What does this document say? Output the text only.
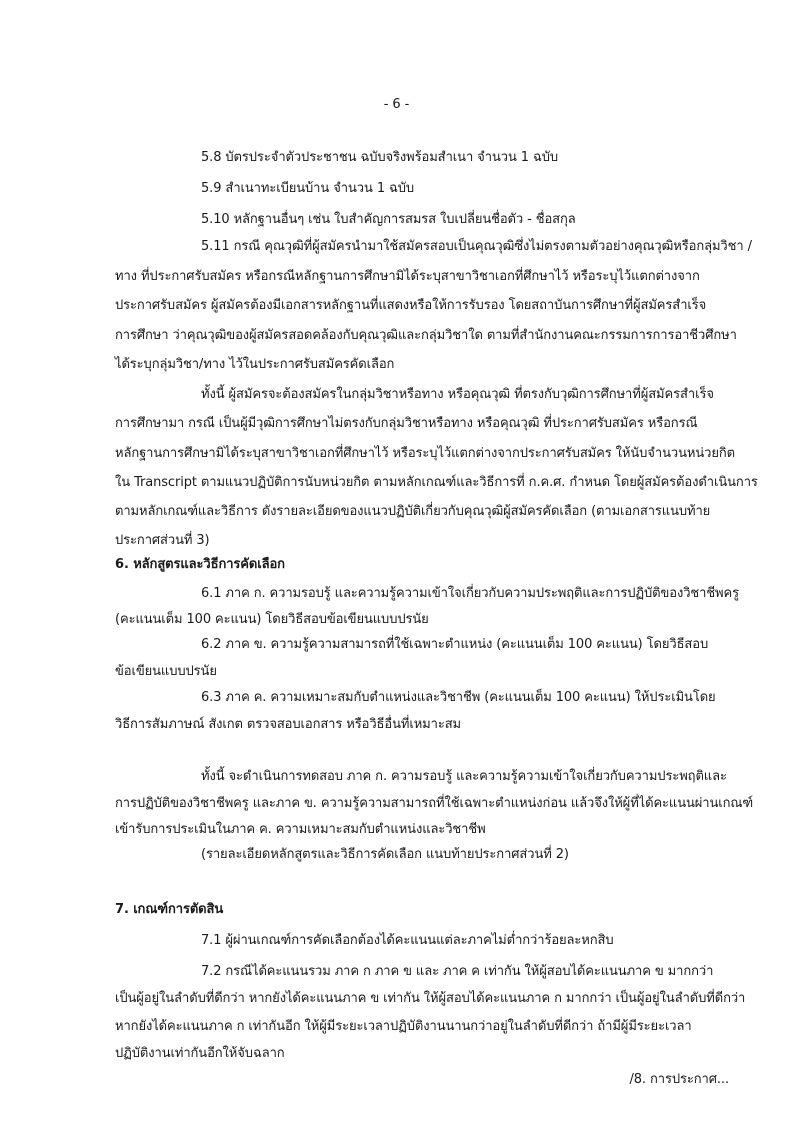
- 6 -
5.8 บัตรประจำตัวประชาชน ฉบับจริงพร้อมสำเนา จำนวน 1 ฉบับ
5.9 สำเนาทะเบียนบ้าน จำนวน 1 ฉบับ
5.10 หลักฐานอื่นๆ เช่น ใบสำคัญการสมรส ใบเปลี่ยนชื่อตัว - ชื่อสกุล
5.11 กรณี คุณวุฒิที่ผู้สมัครนำมาใช้สมัครสอบเป็นคุณวุฒิซึ่งไม่ตรงตามตัวอย่างคุณวุฒิหรือกลุ่มวิชา /
ทาง ที่ประกาศรับสมัคร หรือกรณีหลักฐานการศึกษามิได้ระบุสาขาวิชาเอกที่ศึกษาไว้ หรือระบุไว้แตกต่างจาก
ประกาศรับสมัคร ผู้สมัครต้องมีเอกสารหลักฐานที่แสดงหรือให้การรับรอง โดยสถาบันการศึกษาที่ผู้สมัครสำเร็จ
การศึกษา ว่าคุณวุฒิของผู้สมัครสอดคล้องกับคุณวุฒิและกลุ่มวิชาใด ตามที่สำนักงานคณะกรรมการการอาชีวศึกษา
ได้ระบุกลุ่มวิชา/ทาง ไว้ในประกาศรับสมัครคัดเลือก
ทั้งนี้ ผู้สมัครจะต้องสมัครในกลุ่มวิชาหรือทาง หรือคุณวุฒิ ที่ตรงกับวุฒิการศึกษาที่ผู้สมัครสำเร็จ
การศึกษามา กรณี เป็นผู้มีวุฒิการศึกษาไม่ตรงกับกลุ่มวิชาหรือทาง หรือคุณวุฒิ ที่ประกาศรับสมัคร หรือกรณี
หลักฐานการศึกษามิได้ระบุสาขาวิชาเอกที่ศึกษาไว้ หรือระบุไว้แตกต่างจากประกาศรับสมัคร ให้นับจำนวนหน่วยกิต
ใน Transcript ตามแนวปฏิบัติการนับหน่วยกิต ตามหลักเกณฑ์และวิธีการที่ ก.ค.ศ. กำหนด โดยผู้สมัครต้องดำเนินการ
ตามหลักเกณฑ์และวิธีการ ดังรายละเอียดของแนวปฏิบัติเกี่ยวกับคุณวุฒิผู้สมัครคัดเลือก (ตามเอกสารแนบท้าย
ประกาศส่วนที่ 3)
6. หลักสูตรและวิธีการคัดเลือก
6.1 ภาค ก. ความรอบรู้ และความรู้ความเข้าใจเกี่ยวกับความประพฤติและการปฏิบัติของวิชาชีพครู
(คะแนนเต็ม 100 คะแนน) โดยวิธีสอบข้อเขียนแบบปรนัย
6.2 ภาค ข. ความรู้ความสามารถที่ใช้เฉพาะตำแหน่ง (คะแนนเต็ม 100 คะแนน) โดยวิธีสอบ
ข้อเขียนแบบปรนัย
6.3 ภาค ค. ความเหมาะสมกับตำแหน่งและวิชาชีพ (คะแนนเต็ม 100 คะแนน) ให้ประเมินโดย
วิธีการสัมภาษณ์ สังเกต ตรวจสอบเอกสาร หรือวิธีอื่นที่เหมาะสม
ทั้งนี้ จะดำเนินการทดสอบ ภาค ก. ความรอบรู้ และความรู้ความเข้าใจเกี่ยวกับความประพฤติและ
การปฏิบัติของวิชาชีพครู และภาค ข. ความรู้ความสามารถที่ใช้เฉพาะตำแหน่งก่อน แล้วจึงให้ผู้ที่ได้คะแนนผ่านเกณฑ์
เข้ารับการประเมินในภาค ค. ความเหมาะสมกับตำแหน่งและวิชาชีพ
(รายละเอียดหลักสูตรและวิธีการคัดเลือก แนบท้ายประกาศส่วนที่ 2)
7. เกณฑ์การตัดสิน
7.1 ผู้ผ่านเกณฑ์การคัดเลือกต้องได้คะแนนแต่ละภาคไม่ต่ำกว่าร้อยละหกสิบ
7.2 กรณีได้คะแนนรวม ภาค ก ภาค ข และ ภาค ค เท่ากัน ให้ผู้สอบได้คะแนนภาค ข มากกว่า
เป็นผู้อยู่ในลำดับที่ดีกว่า หากยังได้คะแนนภาค ข เท่ากัน ให้ผู้สอบได้คะแนนภาค ก มากกว่า เป็นผู้อยู่ในลำดับที่ดีกว่า
หากยังได้คะแนนภาค ก เท่ากันอีก ให้ผู้มีระยะเวลาปฏิบัติงานนานกว่าอยู่ในลำดับที่ดีกว่า ถ้ามีผู้มีระยะเวลา
ปฏิบัติงานเท่ากันอีกให้จับฉลาก
/8. การประกาศ...
